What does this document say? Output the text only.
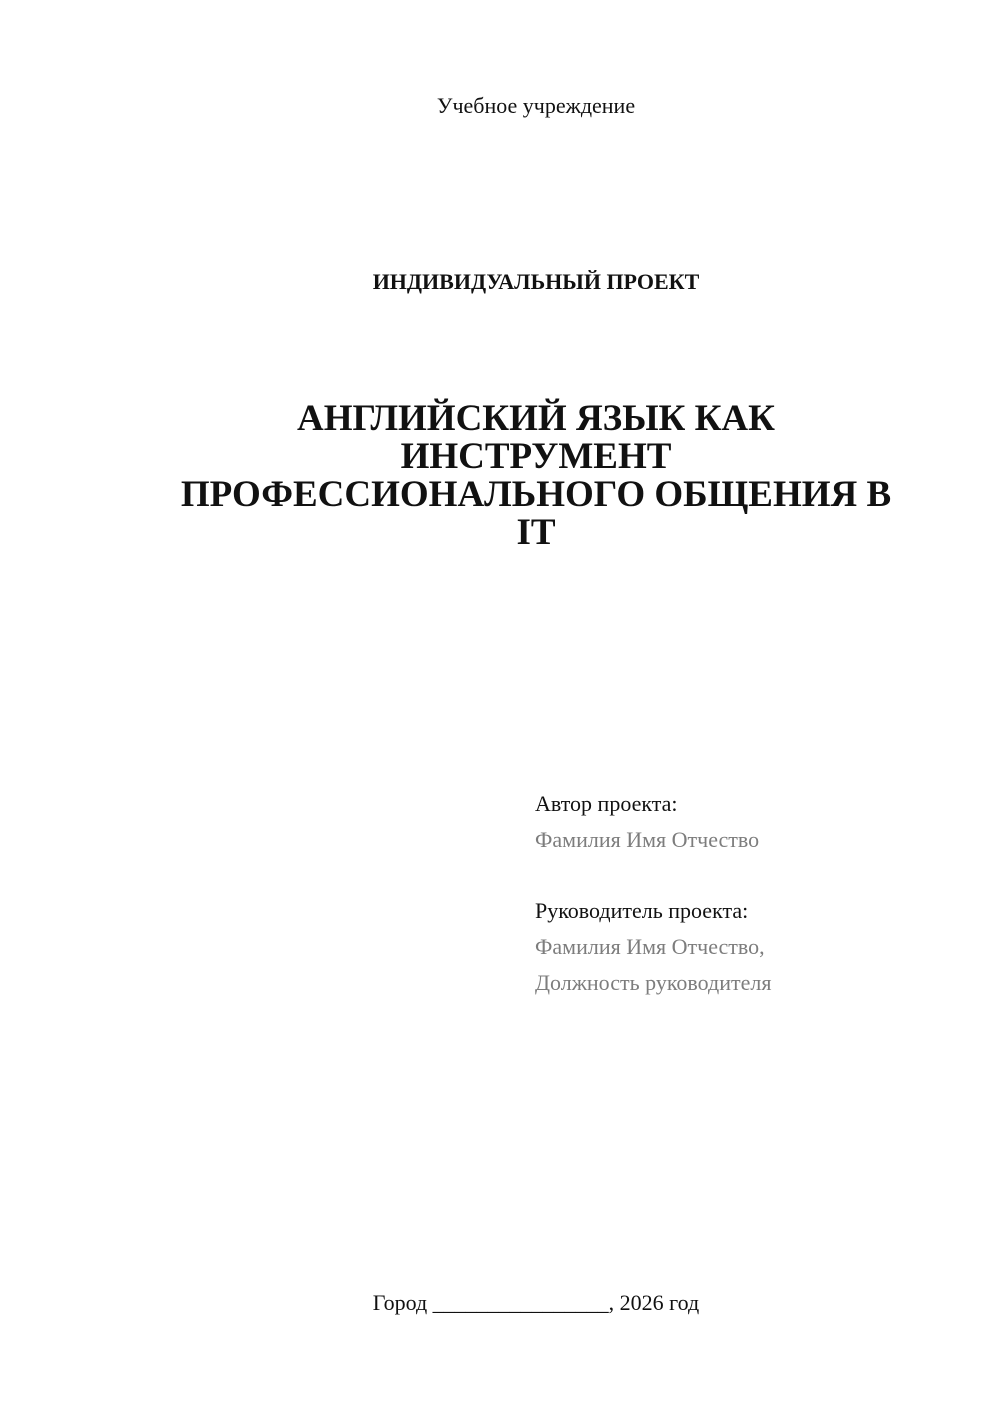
Учебное учреждение
ИНДИВИДУАЛЬНЫЙ ПРОЕКТ
АНГЛИЙСКИЙ ЯЗЫК КАК
ИНСТРУМЕНТ
ПРОФЕССИОНАЛЬНОГО ОБЩЕНИЯ В
IT
Автор проекта:
Фамилия Имя Отчество
Руководитель проекта:
Фамилия Имя Отчество,
Должность руководителя
Город ________________, 2026 год
